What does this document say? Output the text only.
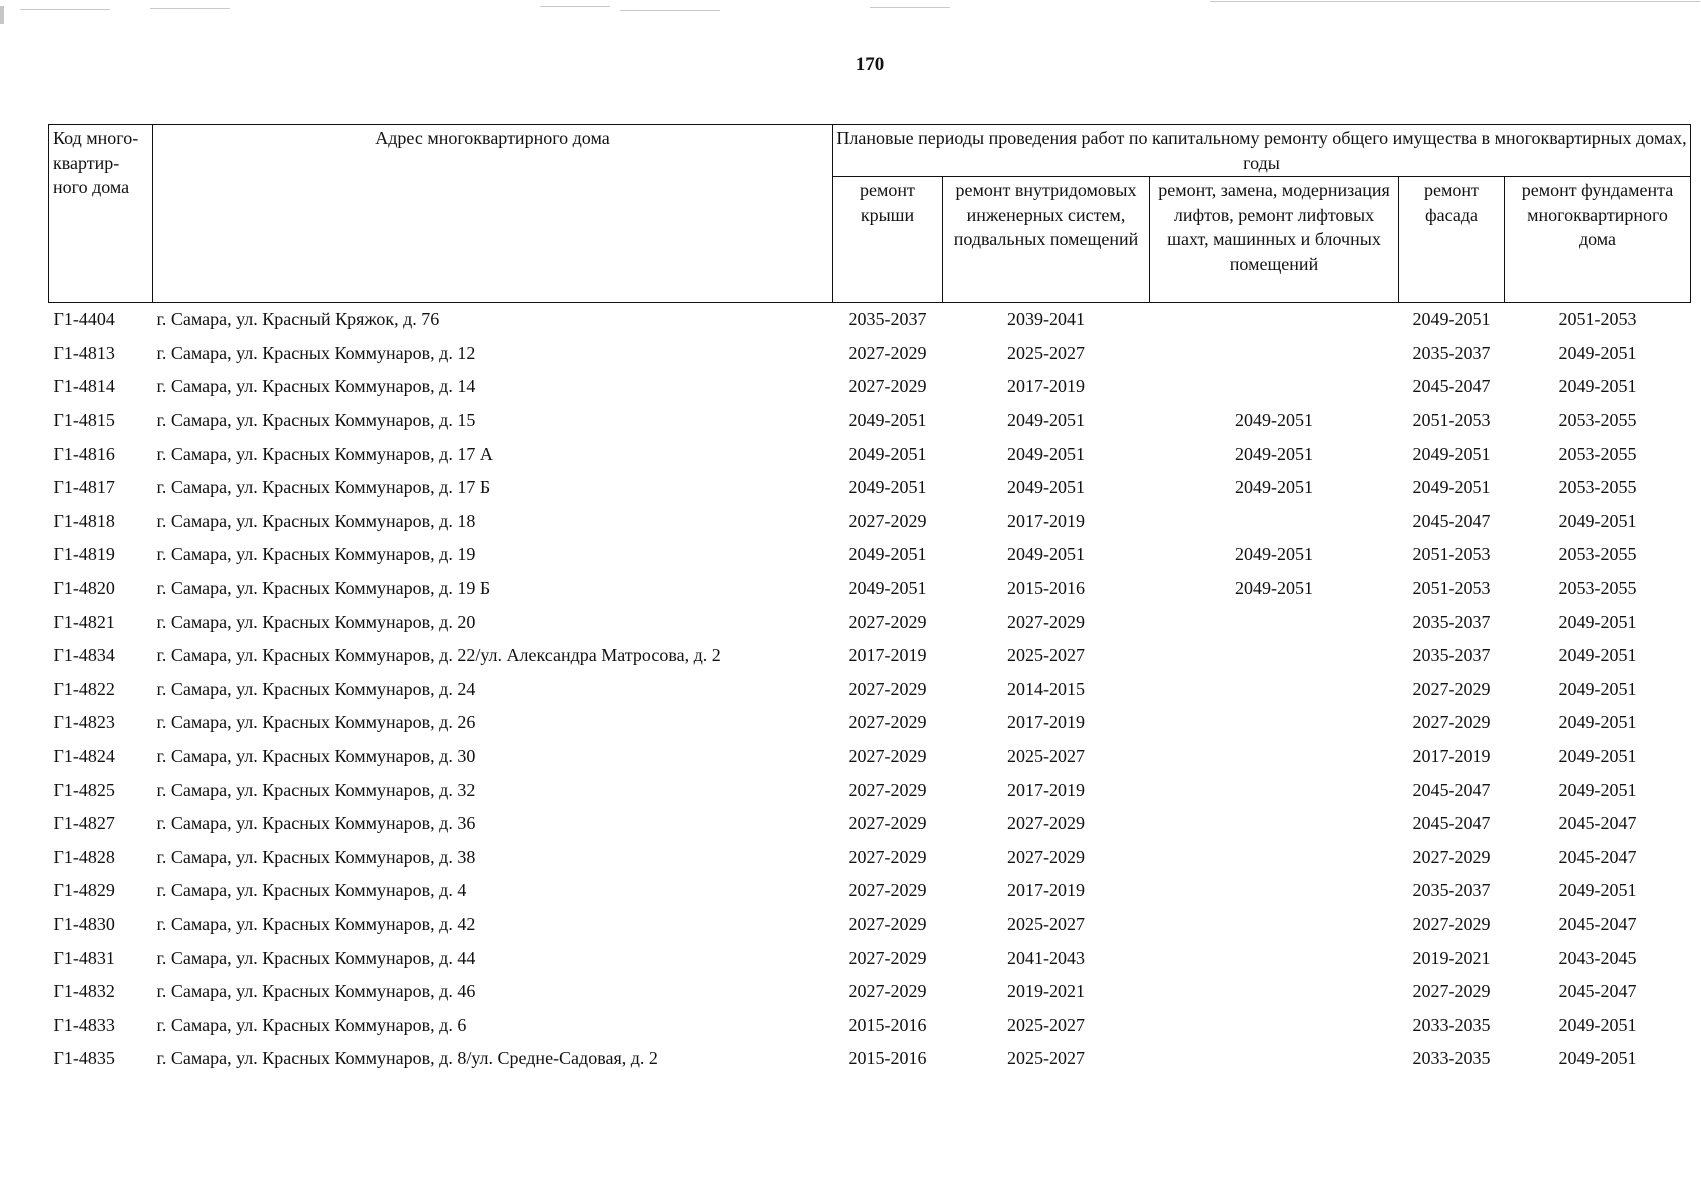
170
Код много-квартир-ного дома	Адрес многоквартирного дома	Плановые периоды проведения работ по капитальному ремонту общего имущества в многоквартирных домах, годы				
		ремонт крыши	ремонт внутридомовых инженерных систем, подвальных помещений	ремонт, замена, модернизация лифтов, ремонт лифтовых шахт, машинных и блочных помещений	ремонт фасада	ремонт фундамента многоквартирного дома
Г1-4404	г. Самара, ул. Красный Кряжок, д. 76	2035-2037	2039-2041		2049-2051	2051-2053
Г1-4813	г. Самара, ул. Красных Коммунаров, д. 12	2027-2029	2025-2027		2035-2037	2049-2051
Г1-4814	г. Самара, ул. Красных Коммунаров, д. 14	2027-2029	2017-2019		2045-2047	2049-2051
Г1-4815	г. Самара, ул. Красных Коммунаров, д. 15	2049-2051	2049-2051	2049-2051	2051-2053	2053-2055
Г1-4816	г. Самара, ул. Красных Коммунаров, д. 17 А	2049-2051	2049-2051	2049-2051	2049-2051	2053-2055
Г1-4817	г. Самара, ул. Красных Коммунаров, д. 17 Б	2049-2051	2049-2051	2049-2051	2049-2051	2053-2055
Г1-4818	г. Самара, ул. Красных Коммунаров, д. 18	2027-2029	2017-2019		2045-2047	2049-2051
Г1-4819	г. Самара, ул. Красных Коммунаров, д. 19	2049-2051	2049-2051	2049-2051	2051-2053	2053-2055
Г1-4820	г. Самара, ул. Красных Коммунаров, д. 19 Б	2049-2051	2015-2016	2049-2051	2051-2053	2053-2055
Г1-4821	г. Самара, ул. Красных Коммунаров, д. 20	2027-2029	2027-2029		2035-2037	2049-2051
Г1-4834	г. Самара, ул. Красных Коммунаров, д. 22/ул. Александра Матросова, д. 2	2017-2019	2025-2027		2035-2037	2049-2051
Г1-4822	г. Самара, ул. Красных Коммунаров, д. 24	2027-2029	2014-2015		2027-2029	2049-2051
Г1-4823	г. Самара, ул. Красных Коммунаров, д. 26	2027-2029	2017-2019		2027-2029	2049-2051
Г1-4824	г. Самара, ул. Красных Коммунаров, д. 30	2027-2029	2025-2027		2017-2019	2049-2051
Г1-4825	г. Самара, ул. Красных Коммунаров, д. 32	2027-2029	2017-2019		2045-2047	2049-2051
Г1-4827	г. Самара, ул. Красных Коммунаров, д. 36	2027-2029	2027-2029		2045-2047	2045-2047
Г1-4828	г. Самара, ул. Красных Коммунаров, д. 38	2027-2029	2027-2029		2027-2029	2045-2047
Г1-4829	г. Самара, ул. Красных Коммунаров, д. 4	2027-2029	2017-2019		2035-2037	2049-2051
Г1-4830	г. Самара, ул. Красных Коммунаров, д. 42	2027-2029	2025-2027		2027-2029	2045-2047
Г1-4831	г. Самара, ул. Красных Коммунаров, д. 44	2027-2029	2041-2043		2019-2021	2043-2045
Г1-4832	г. Самара, ул. Красных Коммунаров, д. 46	2027-2029	2019-2021		2027-2029	2045-2047
Г1-4833	г. Самара, ул. Красных Коммунаров, д. 6	2015-2016	2025-2027		2033-2035	2049-2051
Г1-4835	г. Самара, ул. Красных Коммунаров, д. 8/ул. Средне-Садовая, д. 2	2015-2016	2025-2027		2033-2035	2049-2051
